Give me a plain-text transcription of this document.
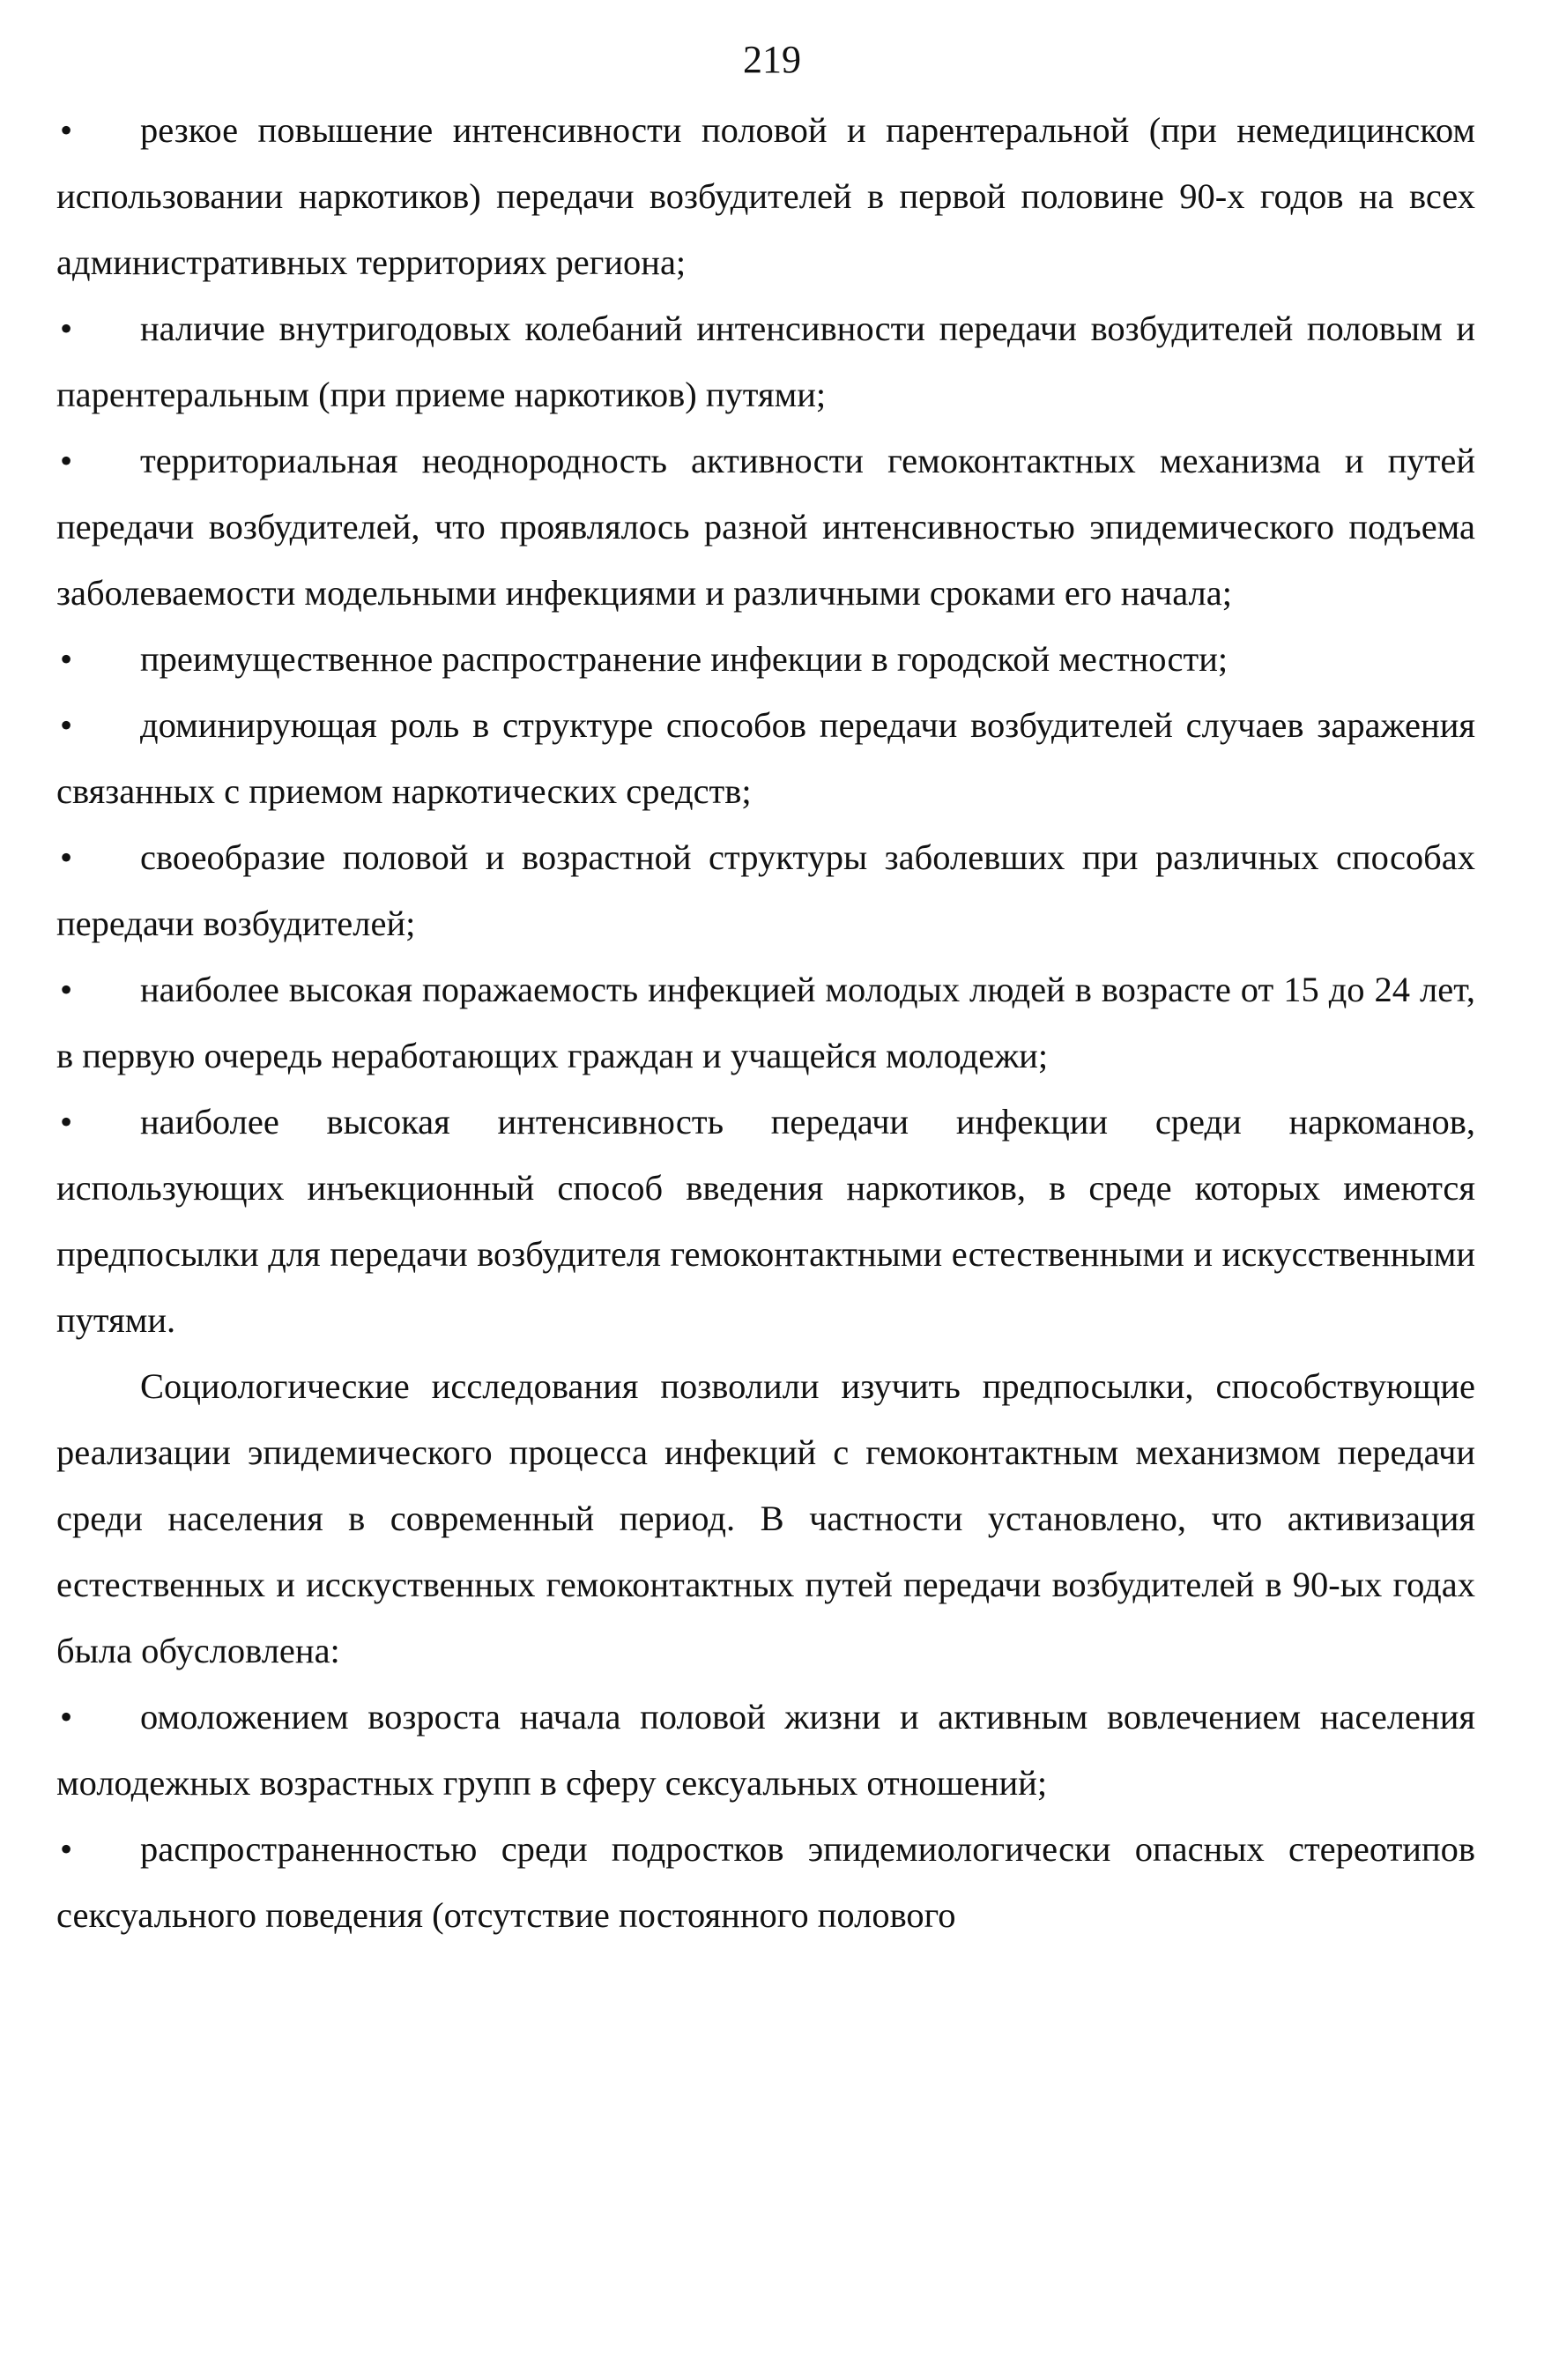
219

•	резкое повышение интенсивности половой и парентеральной (при немедицинском использовании наркотиков) передачи возбудителей в первой половине 90-х годов на всех административных территориях региона;

•	наличие внутригодовых колебаний интенсивности передачи возбудителей половым и парентеральным (при приеме наркотиков) путями;

•	территориальная неоднородность активности гемоконтактных механизма и путей передачи возбудителей, что проявлялось разной интенсивностью эпидемического подъема заболеваемости модельными инфекциями и различными сроками его начала;

•	преимущественное распространение инфекции в городской местности;

•	доминирующая роль в структуре способов передачи возбудителей случаев заражения связанных с приемом наркотических средств;

•	своеобразие половой и возрастной структуры заболевших при различных способах передачи возбудителей;

•	наиболее высокая поражаемость инфекцией молодых людей в возрасте от 15 до 24 лет, в первую очередь неработающих граждан и учащейся молодежи;

•	наиболее высокая интенсивность передачи инфекции среди наркоманов, использующих инъекционный способ введения наркотиков, в среде которых имеются предпосылки для передачи возбудителя гемоконтактными естественными и искусственными путями.

Социологические исследования позволили изучить предпосылки, способствующие реализации эпидемического процесса инфекций с гемоконтактным механизмом передачи среди населения в современный период. В частности установлено, что активизация естественных и исскуственных гемоконтактных путей передачи возбудителей в 90-ых годах была обусловлена:

•	омоложением возроста начала половой жизни и активным вовлечением населения молодежных возрастных групп в сферу сексуальных отношений;

•	распространенностью среди подростков эпидемиологически опасных стереотипов сексуального поведения (отсутствие постоянного полового
